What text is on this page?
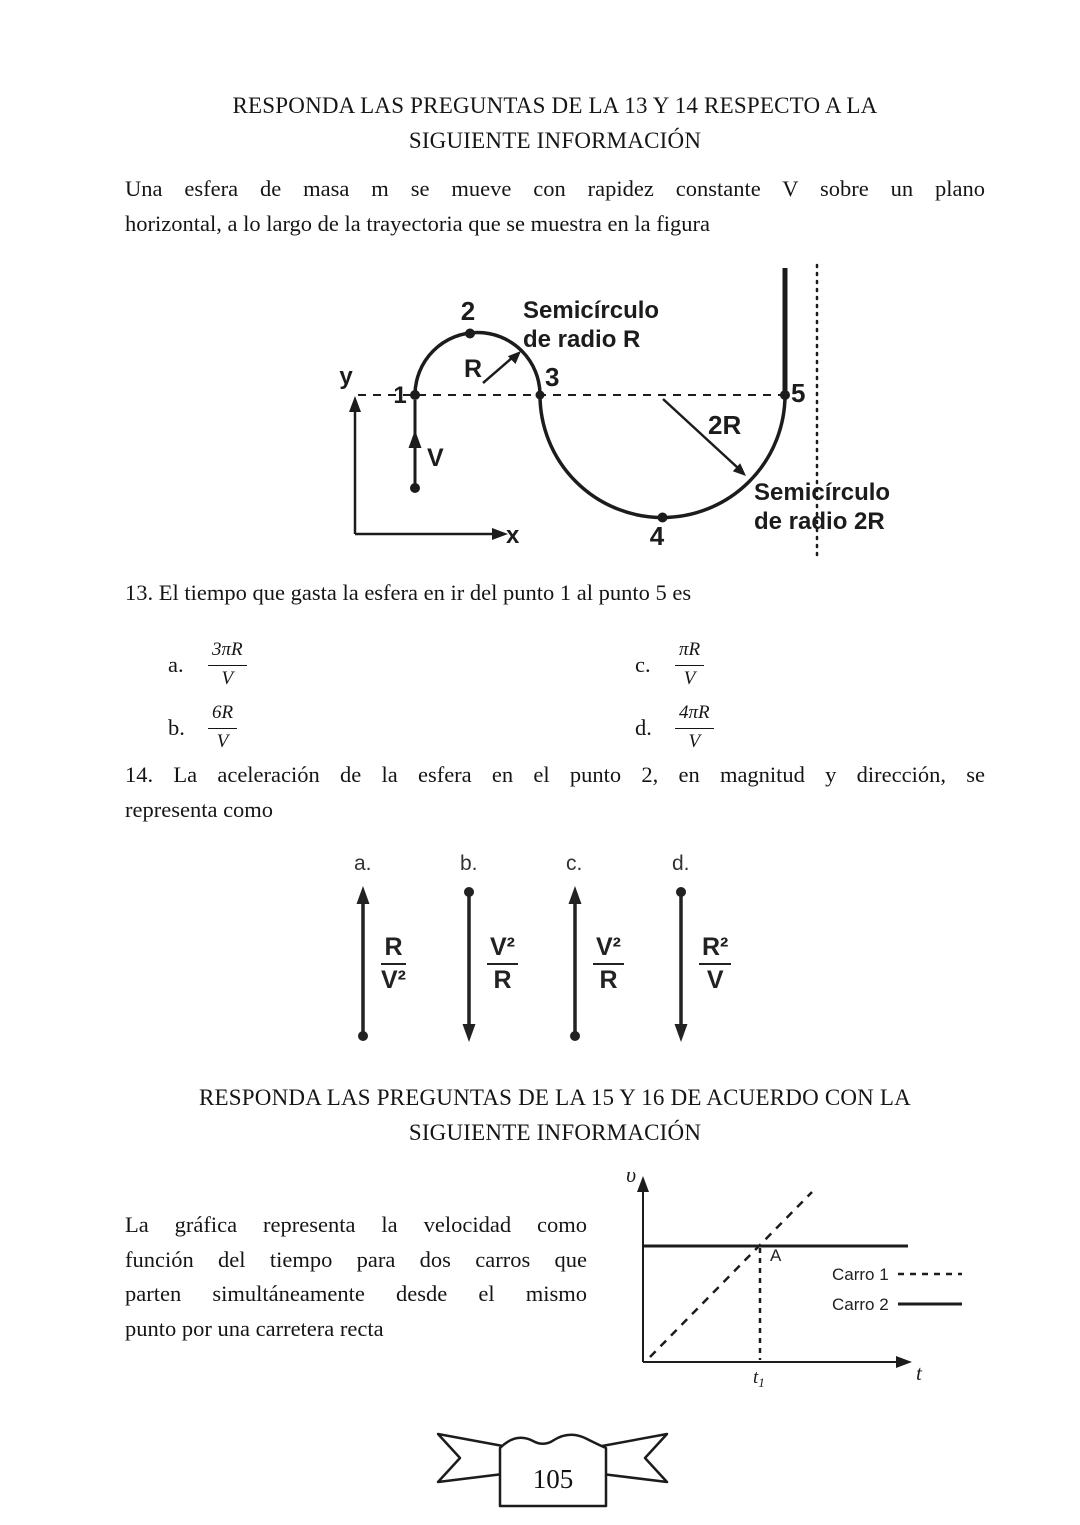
RESPONDA LAS PREGUNTAS DE LA 13 Y 14 RESPECTO A LA
SIGUIENTE INFORMACIÓN
Una esfera de masa m se mueve con rapidez constante V sobre un plano
horizontal, a lo largo de la trayectoria que se muestra en la figura
y
x
1
2
3
4
5
V
R
2R
Semicírculo
de radio R
Semicírculo
de radio 2R
13. El tiempo que gasta la esfera en ir del punto 1 al punto 5 es
a.	$\frac{3\pi R}{V}$	c.	$\frac{\pi R}{V}$
b.	$\frac{6R}{V}$	d.	$\frac{4\pi R}{V}$
14. La aceleración de la esfera en el punto 2, en magnitud y dirección, se
representa como
a.
$\frac{R}{\text{V²}}$
b.
$\frac{\text{V²}}{R}$
c.
$\frac{\text{V²}}{R}$
d.
$\frac{\text{R²}}{V}$
RESPONDA LAS PREGUNTAS DE LA 15 Y 16 DE ACUERDO CON LA
SIGUIENTE INFORMACIÓN
La gráfica representa la velocidad como
función del tiempo para dos carros que
parten simultáneamente desde el mismo
punto por una carretera recta
υ
t
A
$t_1$
Carro 1
Carro 2
105
